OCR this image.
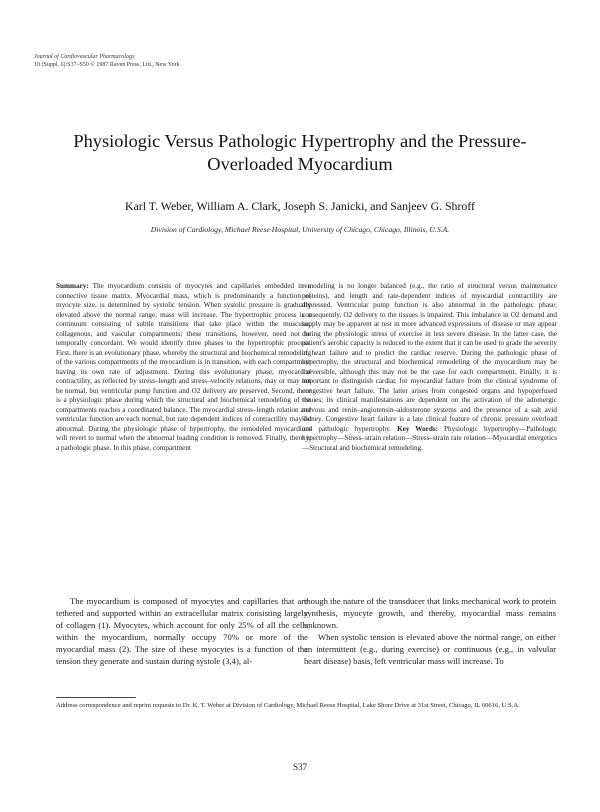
Journal of Cardiovascular Pharmacology
10 (Suppl. 6):S37–S50 © 1987 Raven Press, Ltd., New York
Physiologic Versus Pathologic Hypertrophy and the Pressure-Overloaded Myocardium
Karl T. Weber, William A. Clark, Joseph S. Janicki, and Sanjeev G. Shroff
Division of Cardiology, Michael Reese Hospital, University of Chicago, Chicago, Illinois, U.S.A.
Summary: The myocardium consists of myocytes and capillaries embedded in a connective tissue matrix. Myocardial mass, which is predominantly a function of myocyte size, is determined by systolic tension. When systolic pressure is gradually elevated above the normal range, mass will increase. The hypertrophic process is a continuum consisting of subtle transitions that take place within the muscular, collagenous, and vascular compartments; these transitions, however, need not be temporally concordant. We would identify three phases to the hypertrophic process. First, there is an evolutionary phase, whereby the structural and biochemical remodeling of the various compartments of the myocardium is in transition, with each compartment having its own rate of adjustment. During this evolutionary phase, myocardial contractility, as reflected by stress–length and stress–velocity relations, may or may not be normal, but ventricular pump function and O2 delivery are preserved. Second, there is a physiologic phase during which the structural and biochemical remodeling of the compartments reaches a coordinated balance. The myocardial stress–length relation and ventricular function are each normal, but rate dependent indices of contractility may be abnormal. During the physiologic phase of hypertrophy, the remodeled myocardium will revert to normal when the abnormal loading condition is removed. Finally, there is a pathologic phase. In this phase, compartment
remodeling is no longer balanced (e.g., the ratio of structural versus maintenance proteins), and length and rate-dependent indices of myocardial contractility are depressed. Ventricular pump function is also abnormal in the pathologic phase; consequently, O2 delivery to the tissues is impaired. This imbalance in O2 demand and supply may be apparent at rest in more advanced expressions of disease or may appear during the physiologic stress of exercise in less severe disease. In the latter case, the patient's aerobic capacity is reduced to the extent that it can be used to grade the severity of heart failure and to predict the cardiac reserve. During the pathologic phase of hypertrophy, the structural and biochemical remodeling of the myocardium may be irreversible, although this may not be the case for each compartment. Finally, it is important to distinguish cardiac for myocardial failure from the clinical syndrome of congestive heart failure. The latter arises from congested organs and hypoperfused tissues; its clinical manifestations are dependent on the activation of the adrenergic nervous and renin–angiotensin–aldosterone systems and the presence of a salt avid kidney. Congestive heart failure is a late clinical feature of chronic pressure overload and pathologic hypertrophy. Key Words: Physiologic hypertrophy—Pathologic hypertrophy—Stress–strain relation—Stress–strain rate relation—Myocardial energetics—Structural and biochemical remodeling.
The myocardium is composed of myocytes and capillaries that are tethered and supported within an extracellular matrix consisting largely of collagen (1). Myocytes, which account for only 25% of all the cells within the myocardium, normally occupy 70% or more of the myocardial mass (2). The size of these myocytes is a function of the tension they generate and sustain during systole (3,4), al-
though the nature of the transducer that links mechanical work to protein synthesis, myocyte growth, and thereby, myocardial mass remains unknown.
When systolic tension is elevated above the normal range, on either an intermittent (e.g., during exercise) or continuous (e.g., in valvular heart disease) basis, left ventricular mass will increase. To
Address correspondence and reprint requests to Dr. K. T. Weber at Division of Cardiology, Michael Reese Hospital, Lake Shore Drive at 31st Street, Chicago, IL 60616, U.S.A.
S37
